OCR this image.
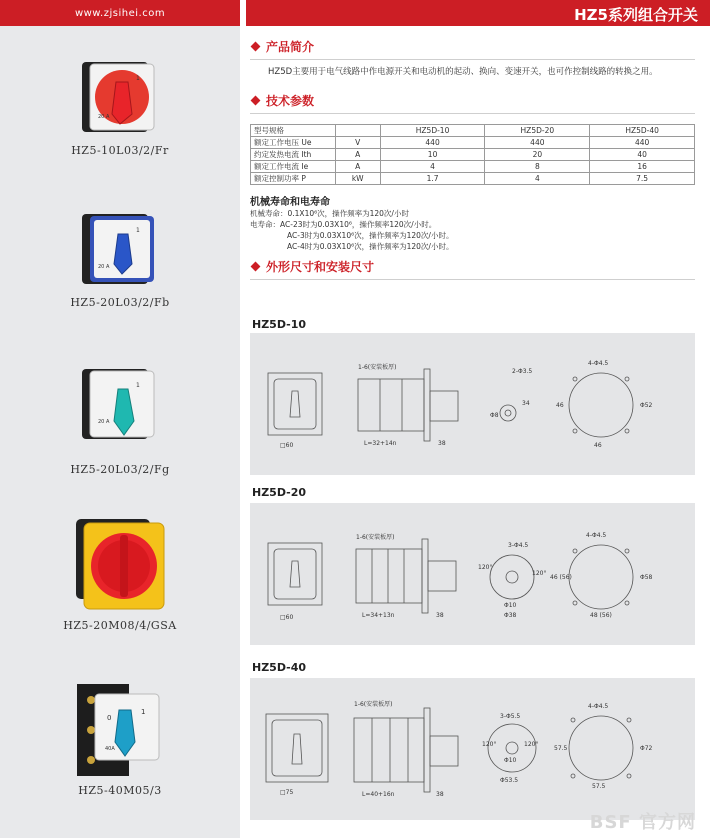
www.zjsihei.com
1
20 A
HZ5-10L03/2/Fr
1
20 A
HZ5-20L03/2/Fb
1
20 A
HZ5-20L03/2/Fg
HZ5-20M08/4/GSA
0
1
40A
HZ5-40M05/3
HZ5系列组合开关
产品简介

HZ5D主要用于电气线路中作电源开关和电动机的起动、换向、变速开关，也可作控制线路的转换之用。

技术参数
型号规格		HZ5D-10	HZ5D-20	HZ5D-40
额定工作电压 Ue	V	440	440	440
约定发热电流 Ith	A	10	20	40
额定工作电流 Ie	A	4	8	16
额定控制功率 P	kW	1.7	4	7.5
机械寿命和电寿命
机械寿命：0.1X10⁶次，操作频率为120次/小时
电寿命：AC-23时为0.03X10⁶，操作频率120次/小时。
AC-3时为0.03X10⁶次，操作频率为120次/小时。
AC-4时为0.03X10⁶次，操作频率为120次/小时。
外形尺寸和安装尺寸
HZ5D-10
□60
1-6(安装板厚)
L=32+14n	38
2-Φ3.5
Φ8
34
4-Φ4.5
46
46
Φ52
HZ5D-20
□60
1-6(安装板厚)
L=34+13n	38
3-Φ4.5
120°
120°
Φ10
Φ38
4-Φ4.5
46 (56)
48 (56)
Φ58
HZ5D-40
□75
1-6(安装板厚)
L=40+16n	38
3-Φ5.5
120°	120°
Φ10
Φ53.5
4-Φ4.5
57.5
57.5
Φ72
BSF 官方网
